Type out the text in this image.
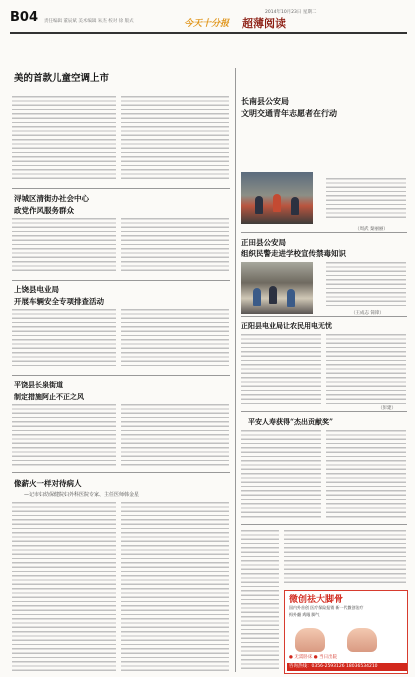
B04 责任编辑 董辰斌 美术编辑 朱杰 校对 徐 版式	今天十分报 超薄阅读
2014年10月23日 星期二
美的首款儿童空调上市
浔城区清街办社会中心
政党作风服务群众
上饶县电业局
开展车辆安全专项排查活动
平饶县长泉街道
制定措施阿止不正之风
像薪火一样对待病人
—记市妇幼保健院妇外科医院专家、主任医师韩金星
长南县公安局
文明交通青年志愿者在行动
（周武 秦丽丽）
正田县公安局
组织民警走进学校宣传禁毒知识
（王成志 简锋）
正阳县电业局让农民用电无忧
（彭建）
平安人寿获得“杰出贡献奖”
微创祛大脚骨
国内外首创 医疗保险报销 新一代微创治疗
拇外翻 鸡眼 脚气
● 无需卧床 ● 当日出院
咨询热线：0356-2593126 18036534210
